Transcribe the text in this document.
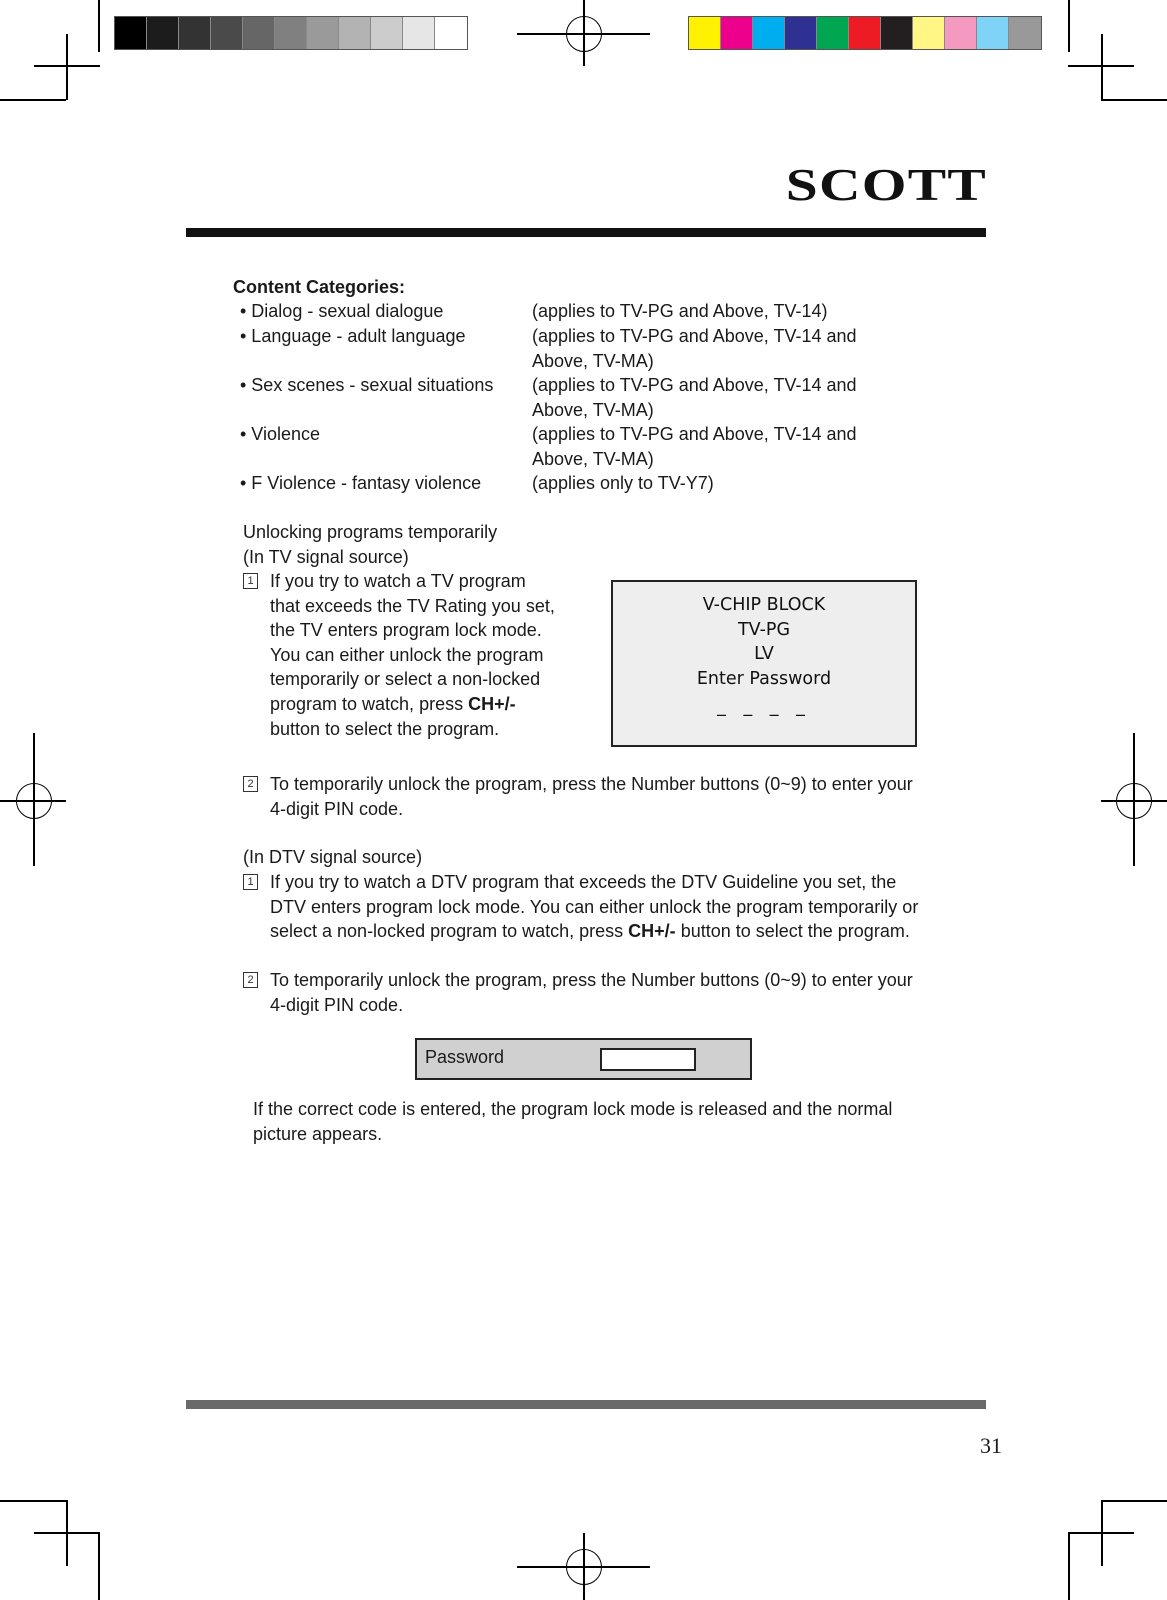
SCOTT
Content Categories:
• Dialog - sexual dialogue	(applies to TV-PG and Above, TV-14)
• Language - adult language	(applies to TV-PG and Above, TV-14 and Above, TV-MA)
• Sex scenes - sexual situations (applies to TV-PG and Above, TV-14 and Above, TV-MA)
• Violence	(applies to TV-PG and Above, TV-14 and Above, TV-MA)
• F Violence - fantasy violence	(applies only to TV-Y7)
Unlocking programs temporarily
(In TV signal source)
1 If you try to watch a TV program that exceeds the TV Rating you set, the TV enters program lock mode. You can either unlock the program temporarily or select a non-locked program to watch, press CH+/- button to select the program.
V-CHIP BLOCK
TV-PG
LV
Enter Password
_ _ _ _
2 To temporarily unlock the program, press the Number buttons (0~9) to enter your 4-digit PIN code.
(In DTV signal source)
1 If you try to watch a DTV program that exceeds the DTV Guideline you set, the DTV enters program lock mode. You can either unlock the program temporarily or select a non-locked program to watch, press CH+/- button to select the program.
2 To temporarily unlock the program, press the Number buttons (0~9) to enter your 4-digit PIN code.
Password
If the correct code is entered, the program lock mode is released and the normal picture appears.
31
